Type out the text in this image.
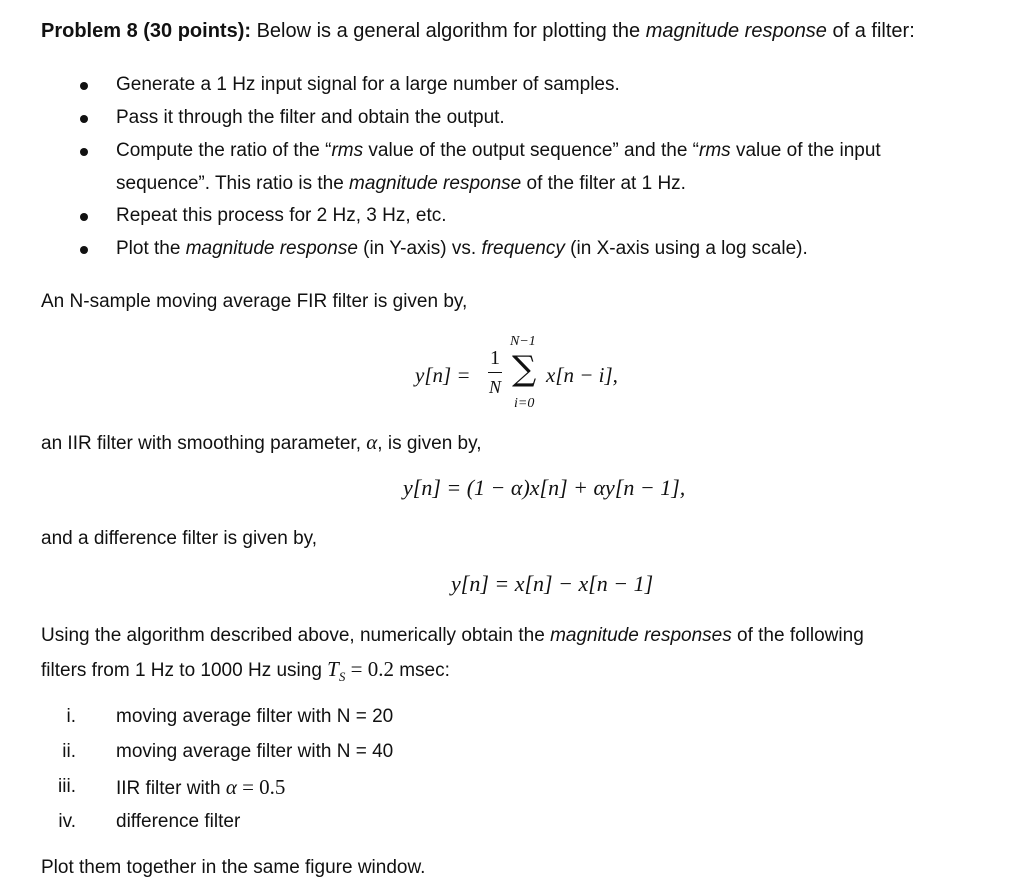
Problem 8 (30 points): Below is a general algorithm for plotting the magnitude response of a filter:
Generate a 1 Hz input signal for a large number of samples.
Pass it through the filter and obtain the output.
Compute the ratio of the “rms value of the output sequence” and the “rms value of the input
sequence”. This ratio is the magnitude response of the filter at 1 Hz.
Repeat this process for 2 Hz, 3 Hz, etc.
Plot the magnitude response (in Y-axis) vs. frequency (in X-axis using a log scale).
An N-sample moving average FIR filter is given by,
y[n] =
1
N
N−1
∑
i=0
x[n − i],
an IIR filter with smoothing parameter, α, is given by,
y[n] = (1 − α)x[n] + αy[n − 1],
and a difference filter is given by,
y[n] = x[n] − x[n − 1]
Using the algorithm described above, numerically obtain the magnitude responses of the following
filters from 1 Hz to 1000 Hz using $T_S = 0.2$ msec:
i. moving average filter with N = 20
ii. moving average filter with N = 40
iii. IIR filter with α = 0.5
iv. difference filter
Plot them together in the same figure window.
